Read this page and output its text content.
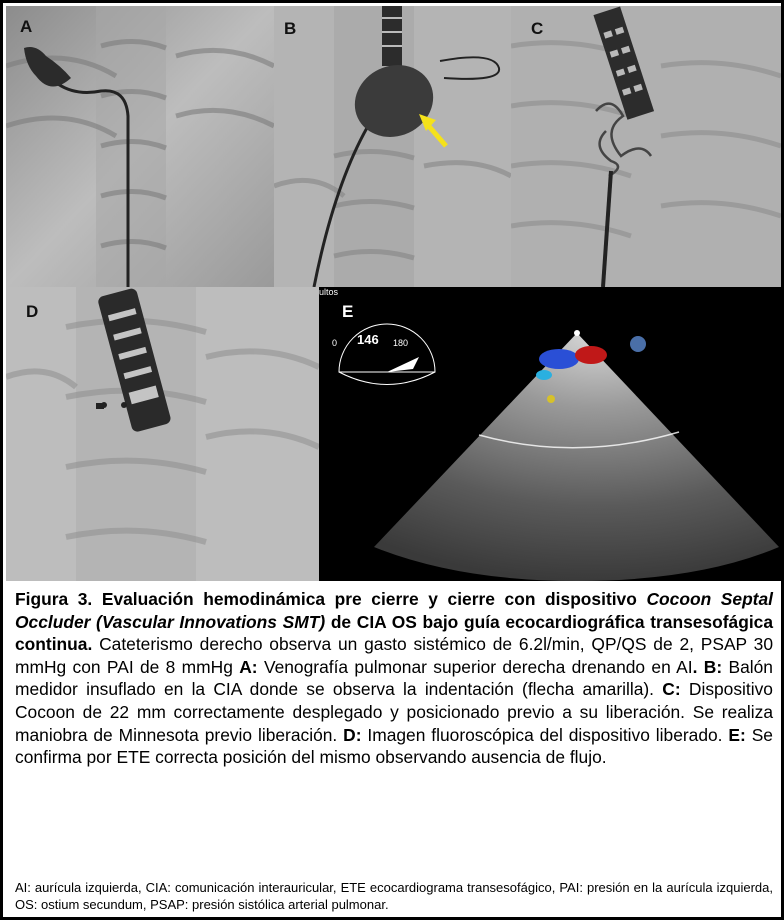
A	B	C
D
ultos
E
0 146 180
Figura 3. Evaluación hemodinámica pre cierre y cierre con dispositivo Cocoon Septal Occluder (Vascular Innovations SMT) de CIA OS bajo guía ecocardiográfica transesofágica continua. Cateterismo derecho observa un gasto sistémico de 6.2l/min, QP/QS de 2, PSAP 30 mmHg con PAI de 8 mmHg A: Venografía pulmonar superior derecha drenando en AI. B: Balón medidor insuflado en la CIA donde se observa la indentación (flecha amarilla). C: Dispositivo Cocoon de 22 mm correctamente desplegado y posicionado previo a su liberación. Se realiza maniobra de Minnesota previo liberación. D: Imagen fluoroscópica del dispositivo liberado. E: Se confirma por ETE correcta posición del mismo observando ausencia de flujo.
AI: aurícula izquierda, CIA: comunicación interauricular, ETE ecocardiograma transesofágico, PAI: presión en la aurícula izquierda, OS: ostium secundum, PSAP: presión sistólica arterial pulmonar.
